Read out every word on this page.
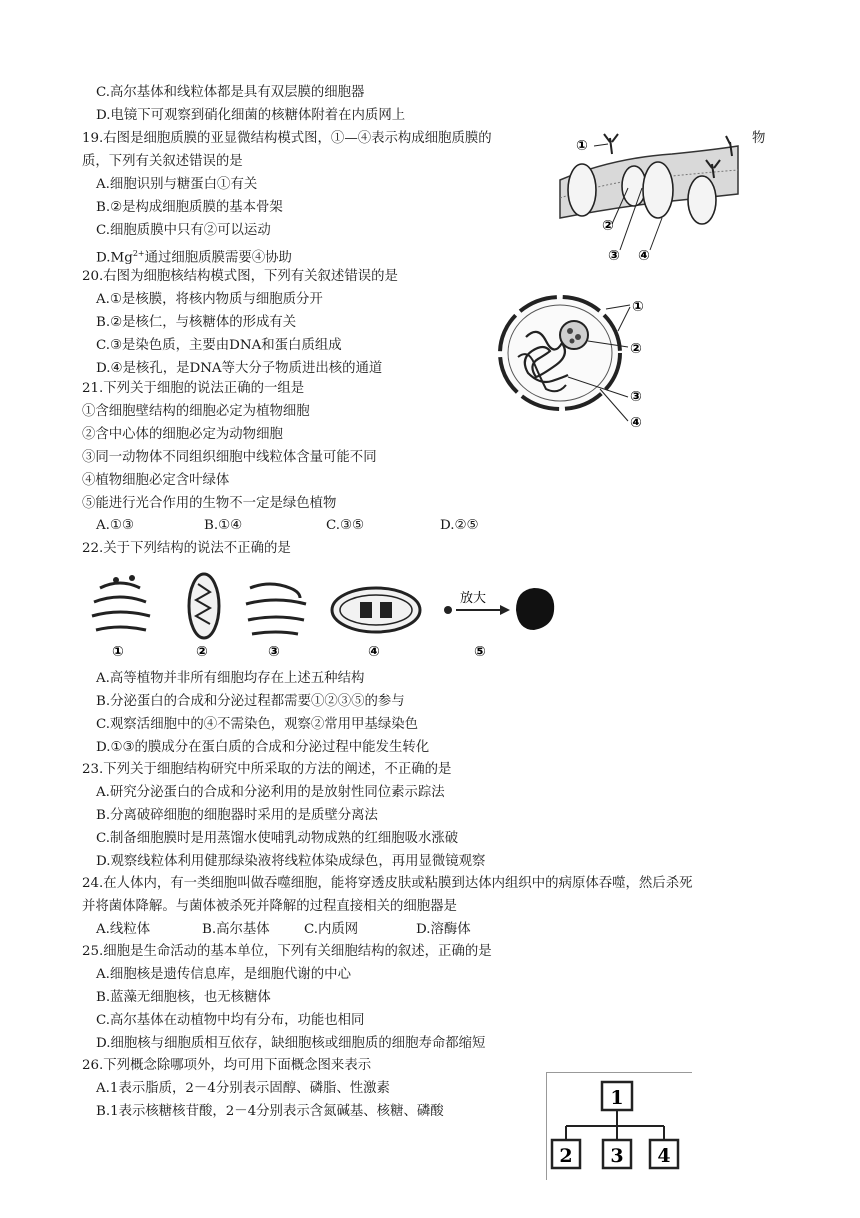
C.高尔基体和线粒体都是具有双层膜的细胞器
D.电镜下可观察到硝化细菌的核糖体附着在内质网上
19.右图是细胞质膜的亚显微结构模式图，①—④表示构成细胞质膜的	物
质，下列有关叙述错误的是
A.细胞识别与糖蛋白①有关
B.②是构成细胞质膜的基本骨架
C.细胞质膜中只有②可以运动
$D.Mg^{2+}$通过细胞质膜需要④协助
①
②
③ ④
20.右图为细胞核结构模式图，下列有关叙述错误的是
A.①是核膜，将核内物质与细胞质分开
B.②是核仁，与核糖体的形成有关
C.③是染色质，主要由DNA和蛋白质组成
D.④是核孔，是DNA等大分子物质进出核的通道
①
②
③
④
21.下列关于细胞的说法正确的一组是
①含细胞壁结构的细胞必定为植物细胞
②含中心体的细胞必定为动物细胞
③同一动物体不同组织细胞中线粒体含量可能不同
④植物细胞必定含叶绿体
⑤能进行光合作用的生物不一定是绿色植物
A.①③	B.①④	C.③⑤	D.②⑤
22.关于下列结构的说法不正确的是
放大
①	②	③	④	⑤
A.高等植物并非所有细胞均存在上述五种结构
B.分泌蛋白的合成和分泌过程都需要①②③⑤的参与
C.观察活细胞中的④不需染色，观察②常用甲基绿染色
D.①③的膜成分在蛋白质的合成和分泌过程中能发生转化
23.下列关于细胞结构研究中所采取的方法的阐述，不正确的是
A.研究分泌蛋白的合成和分泌利用的是放射性同位素示踪法
B.分离破碎细胞的细胞器时采用的是质壁分离法
C.制备细胞膜时是用蒸馏水使哺乳动物成熟的红细胞吸水涨破
D.观察线粒体利用健那绿染液将线粒体染成绿色，再用显微镜观察
24.在人体内，有一类细胞叫做吞噬细胞，能将穿透皮肤或粘膜到达体内组织中的病原体吞噬，然后杀死
并将菌体降解。与菌体被杀死并降解的过程直接相关的细胞器是
A.线粒体	B.高尔基体	C.内质网	D.溶酶体
25.细胞是生命活动的基本单位，下列有关细胞结构的叙述，正确的是
A.细胞核是遗传信息库，是细胞代谢的中心
B.蓝藻无细胞核，也无核糖体
C.高尔基体在动植物中均有分布，功能也相同
D.细胞核与细胞质相互依存，缺细胞核或细胞质的细胞寿命都缩短
26.下列概念除哪项外，均可用下面概念图来表示
A.1表示脂质，2－4分别表示固醇、磷脂、性激素
B.1表示核糖核苷酸，2－4分别表示含氮碱基、核糖、磷酸
1
2 3 4
